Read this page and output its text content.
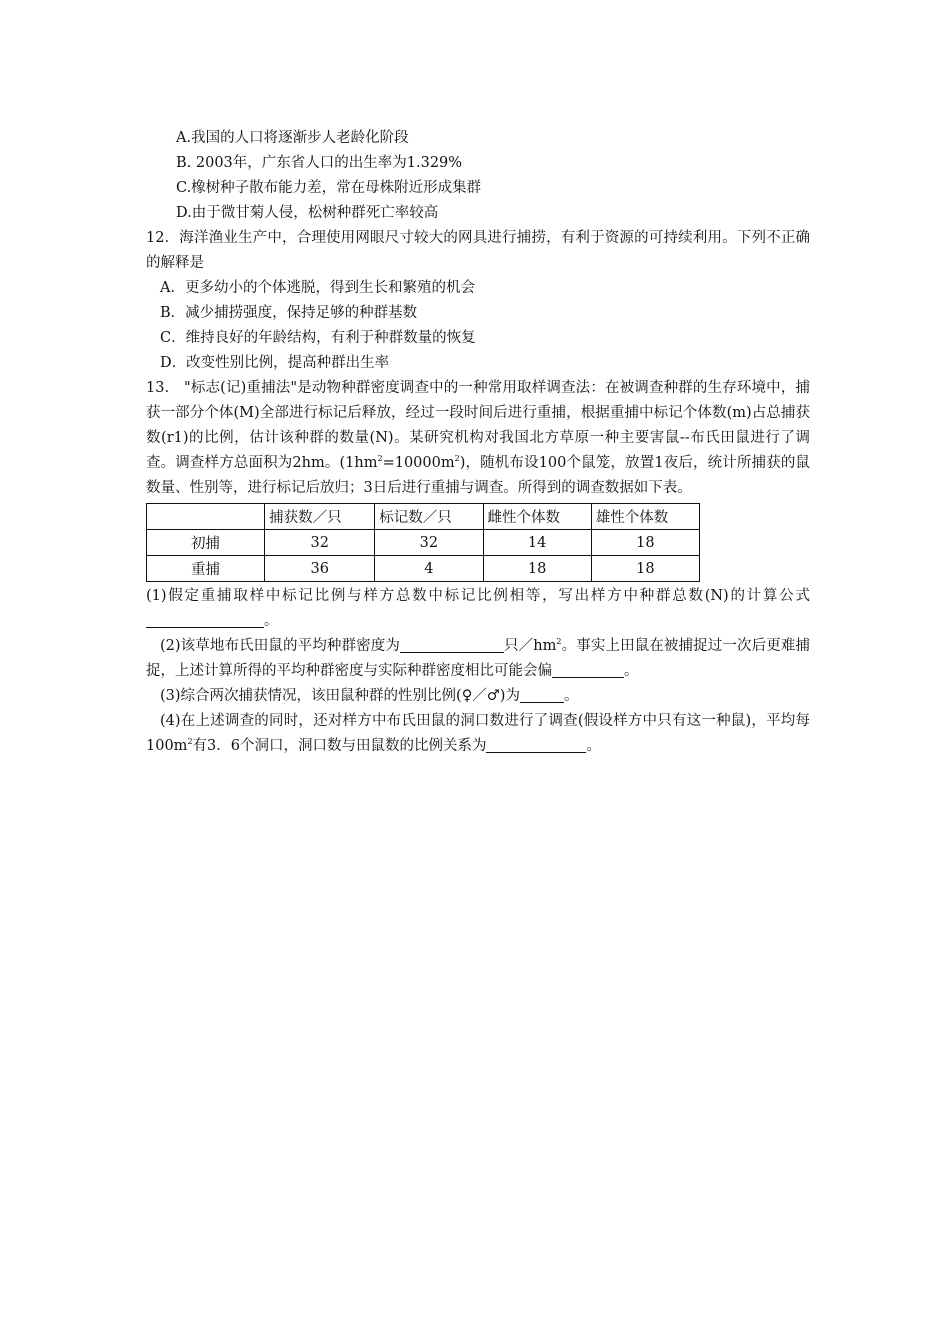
A.我国的人口将逐渐步人老龄化阶段
B. 2003年，广东省人口的出生率为1.329%
C.橡树种子散布能力差，常在母株附近形成集群
D.由于微甘菊人侵，松树种群死亡率较高
12．海洋渔业生产中，合理使用网眼尺寸较大的网具进行捕捞，有利于资源的可持续利用。下列不正确的解释是
A．更多幼小的个体逃脱，得到生长和繁殖的机会
B．减少捕捞强度，保持足够的种群基数
C．维持良好的年龄结构，有利于种群数量的恢复
D．改变性别比例，提高种群出生率
13． "标志(记)重捕法"是动物种群密度调查中的一种常用取样调查法：在被调查种群的生存环境中，捕获一部分个体(M)全部进行标记后释放，经过一段时间后进行重捕，根据重捕中标记个体数(m)占总捕获数(r1)的比例，估计该种群的数量(N)。某研究机构对我国北方草原一种主要害鼠--布氏田鼠进行了调查。调查样方总面积为2hm。$(1hm^2=10000m^2)$，随机布设100个鼠笼，放置1夜后，统计所捕获的鼠数量、性别等，进行标记后放归；3日后进行重捕与调查。所得到的调查数据如下表。
	捕获数／只	标记数／只	雌性个体数	雄性个体数
初捕	32	32	14	18
重捕	36	4	18	18
(1)假定重捕取样中标记比例与样方总数中标记比例相等，写出样方中种群总数(N)的计算公式。
(2)该草地布氏田鼠的平均种群密度为	只$/hm^2$。事实上田鼠在被捕捉过一次后更难捕捉，上述计算所得的平均种群密度与实际种群密度相比可能会偏	。
(3)综合两次捕获情况，该田鼠种群的性别比例(♀／♂)为	。
(4)在上述调查的同时，还对样方中布氏田鼠的洞口数进行了调查(假设样方中只有这一种鼠)，平均每$100m^2$有3．6个洞口，洞口数与田鼠数的比例关系为	。
